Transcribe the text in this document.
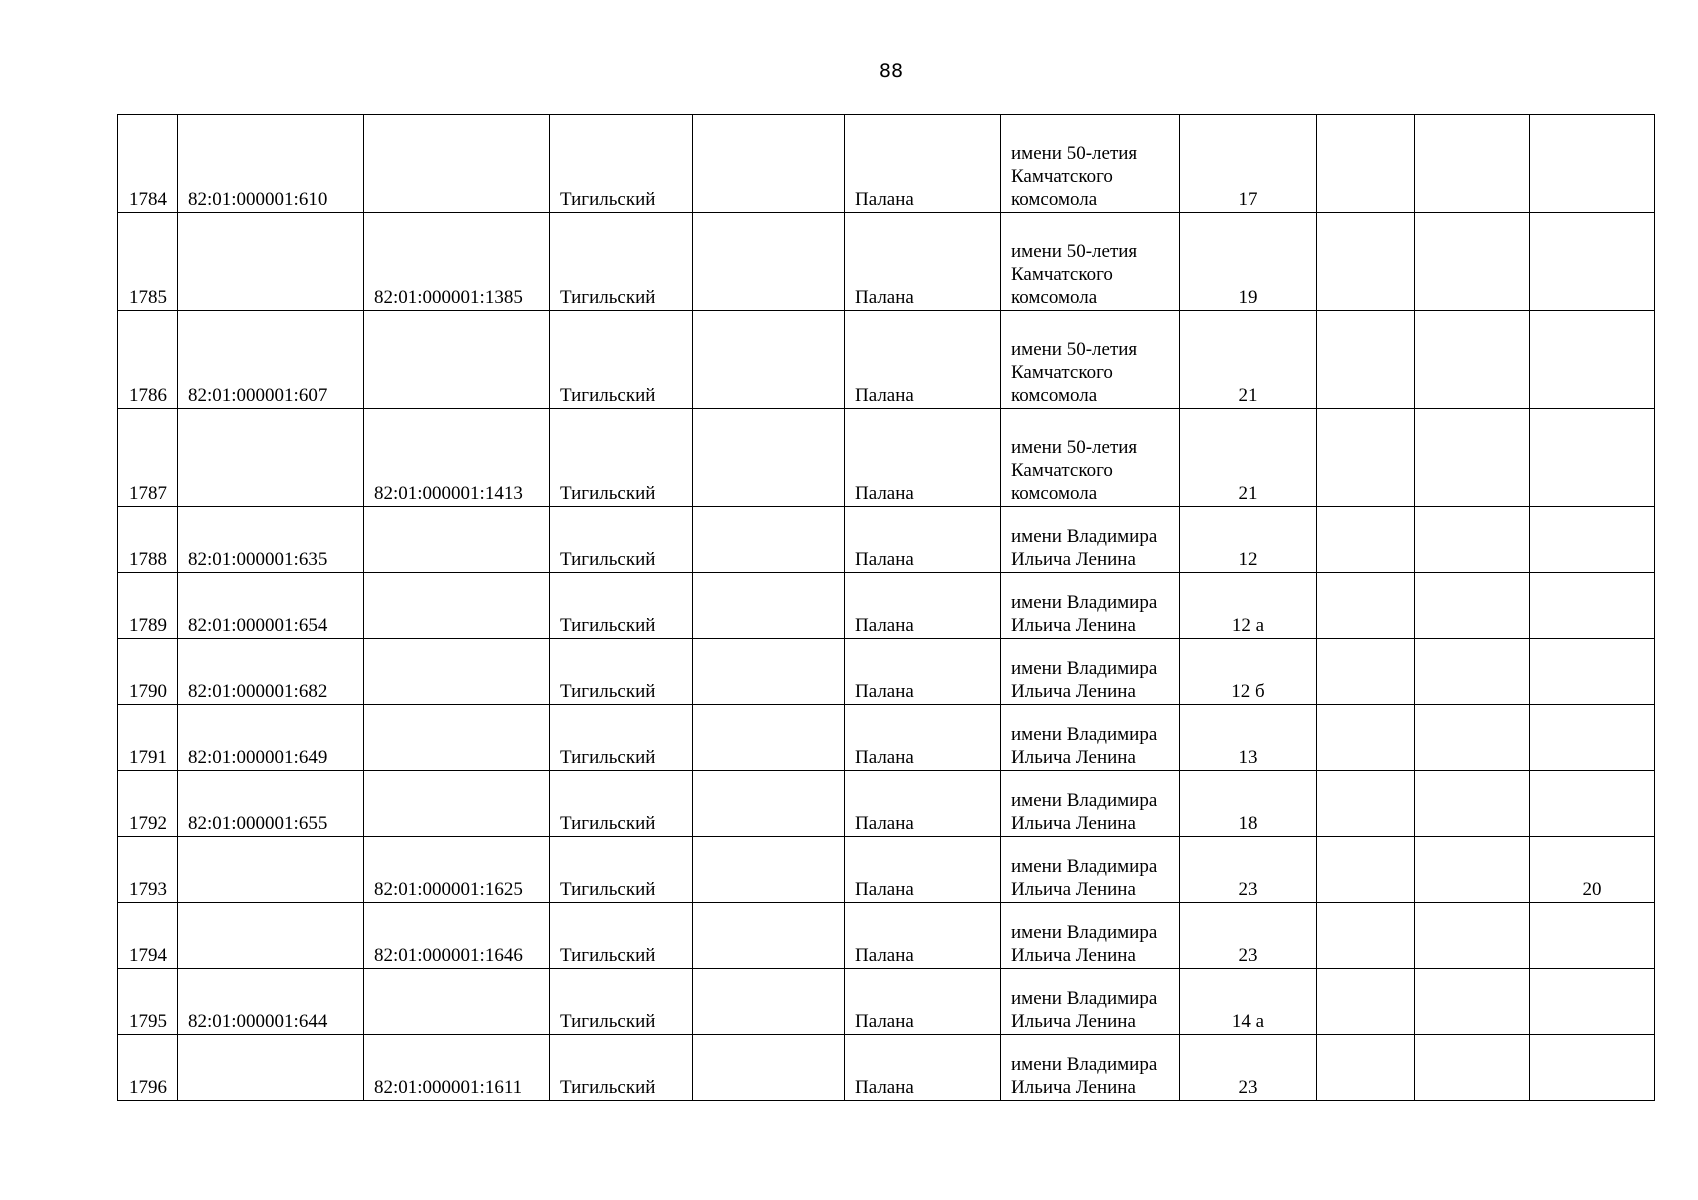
88
1784	82:01:000001:610		Тигильский		Палана	имени 50-летия
Камчатского
комсомола	17			
1785		82:01:000001:1385	Тигильский		Палана	имени 50-летия
Камчатского
комсомола	19			
1786	82:01:000001:607		Тигильский		Палана	имени 50-летия
Камчатского
комсомола	21			
1787		82:01:000001:1413	Тигильский		Палана	имени 50-летия
Камчатского
комсомола	21			
1788	82:01:000001:635		Тигильский		Палана	имени Владимира
Ильича Ленина	12			
1789	82:01:000001:654		Тигильский		Палана	имени Владимира
Ильича Ленина	12 а			
1790	82:01:000001:682		Тигильский		Палана	имени Владимира
Ильича Ленина	12 б			
1791	82:01:000001:649		Тигильский		Палана	имени Владимира
Ильича Ленина	13			
1792	82:01:000001:655		Тигильский		Палана	имени Владимира
Ильича Ленина	18			
1793		82:01:000001:1625	Тигильский		Палана	имени Владимира
Ильича Ленина	23			20
1794		82:01:000001:1646	Тигильский		Палана	имени Владимира
Ильича Ленина	23			
1795	82:01:000001:644		Тигильский		Палана	имени Владимира
Ильича Ленина	14 а			
1796		82:01:000001:1611	Тигильский		Палана	имени Владимира
Ильича Ленина	23			
